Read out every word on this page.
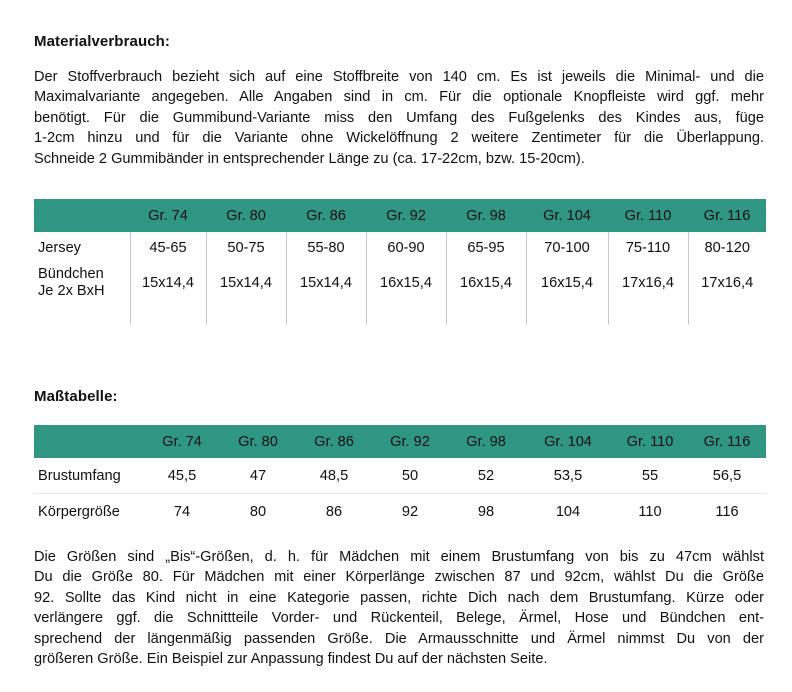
Materialverbrauch:
Der Stoffverbrauch bezieht sich auf eine Stoffbreite von 140 cm. Es ist jeweils die Minimal- und die
Maximalvariante angegeben. Alle Angaben sind in cm. Für die optionale Knopfleiste wird ggf. mehr
benötigt. Für die Gummibund-Variante miss den Umfang des Fußgelenks des Kindes aus, füge
1-2cm hinzu und für die Variante ohne Wickelöffnung 2 weitere Zentimeter für die Überlappung.
Schneide 2 Gummibänder in entsprechender Länge zu (ca. 17-22cm, bzw. 15-20cm).
	Gr. 74	Gr. 80	Gr. 86	Gr. 92	Gr. 98	Gr. 104	Gr. 110	Gr. 116
Jersey	45-65	50-75	55-80	60-90	65-95	70-100	75-110	80-120
Bündchen
Je 2x BxH	15x14,4	15x14,4	15x14,4	16x15,4	16x15,4	16x15,4	17x16,4	17x16,4
Maßtabelle:
	Gr. 74	Gr. 80	Gr. 86	Gr. 92	Gr. 98	Gr. 104	Gr. 110	Gr. 116
Brustumfang	45,5	47	48,5	50	52	53,5	55	56,5
Körpergröße	74	80	86	92	98	104	110	116
Die Größen sind „Bis“-Größen, d. h. für Mädchen mit einem Brustumfang von bis zu 47cm wählst
Du die Größe 80. Für Mädchen mit einer Körperlänge zwischen 87 und 92cm, wählst Du die Größe
92. Sollte das Kind nicht in eine Kategorie passen, richte Dich nach dem Brustumfang. Kürze oder
verlängere ggf. die Schnittteile Vorder- und Rückenteil, Belege, Ärmel, Hose und Bündchen ent-
sprechend der längenmäßig passenden Größe. Die Armausschnitte und Ärmel nimmst Du von der
größeren Größe. Ein Beispiel zur Anpassung findest Du auf der nächsten Seite.
